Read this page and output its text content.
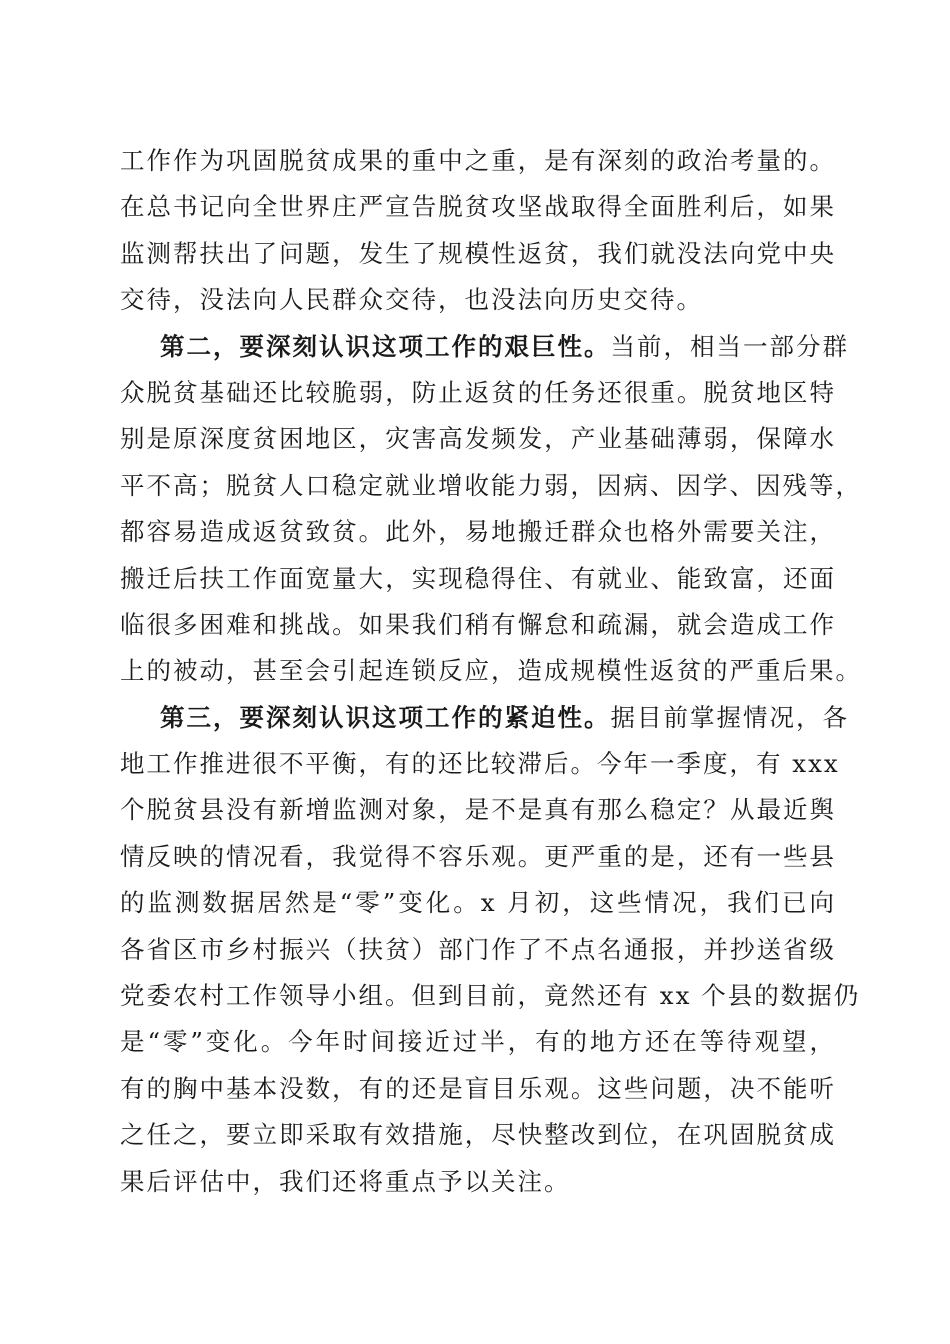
工作作为巩固脱贫成果的重中之重，是有深刻的政治考量的。
在总书记向全世界庄严宣告脱贫攻坚战取得全面胜利后，如果
监测帮扶出了问题，发生了规模性返贫，我们就没法向党中央
交待，没法向人民群众交待，也没法向历史交待。

第二，要深刻认识这项工作的艰巨性。当前，相当一部分群
众脱贫基础还比较脆弱，防止返贫的任务还很重。脱贫地区特
别是原深度贫困地区，灾害高发频发，产业基础薄弱，保障水
平不高；脱贫人口稳定就业增收能力弱，因病、因学、因残等，
都容易造成返贫致贫。此外，易地搬迁群众也格外需要关注，
搬迁后扶工作面宽量大，实现稳得住、有就业、能致富，还面
临很多困难和挑战。如果我们稍有懈怠和疏漏，就会造成工作
上的被动，甚至会引起连锁反应，造成规模性返贫的严重后果。

第三，要深刻认识这项工作的紧迫性。据目前掌握情况，各
地工作推进很不平衡，有的还比较滞后。今年一季度，有 xxx
个脱贫县没有新增监测对象，是不是真有那么稳定？从最近舆
情反映的情况看，我觉得不容乐观。更严重的是，还有一些县
的监测数据居然是“零”变化。x 月初，这些情况，我们已向
各省区市乡村振兴（扶贫）部门作了不点名通报，并抄送省级
党委农村工作领导小组。但到目前，竟然还有 xx 个县的数据仍
是“零”变化。今年时间接近过半，有的地方还在等待观望，
有的胸中基本没数，有的还是盲目乐观。这些问题，决不能听
之任之，要立即采取有效措施，尽快整改到位，在巩固脱贫成
果后评估中，我们还将重点予以关注。
